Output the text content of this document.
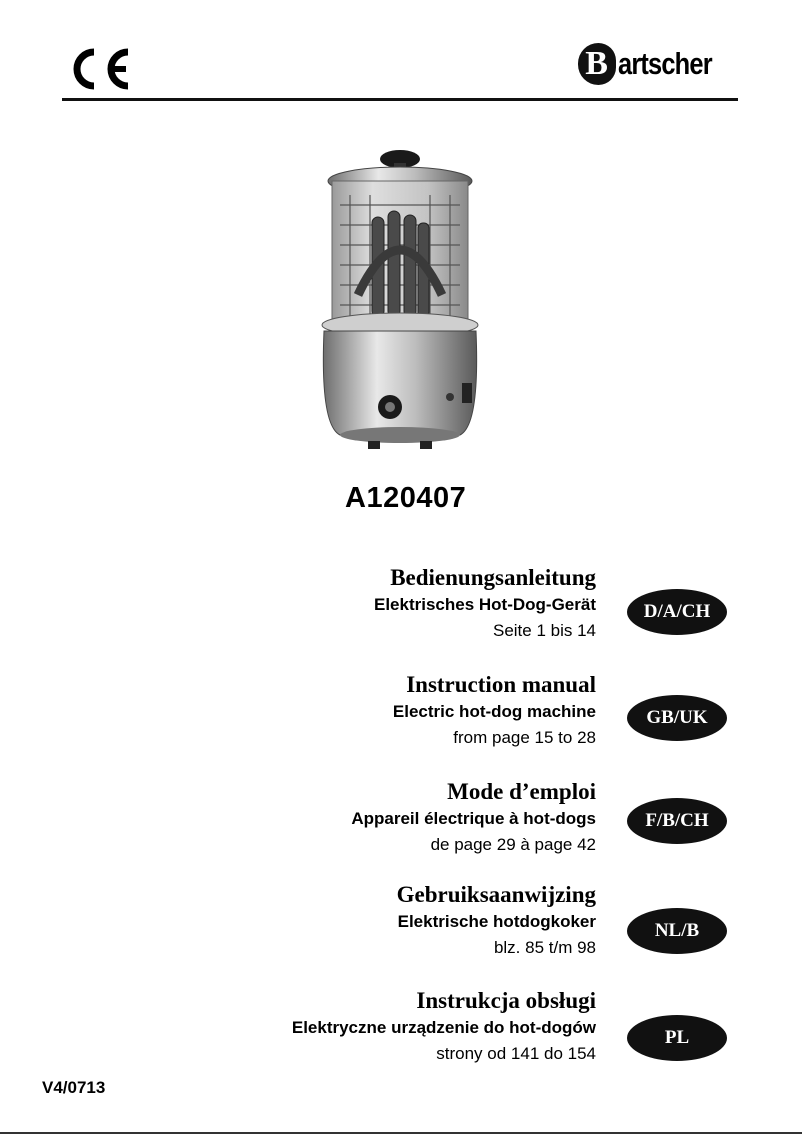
B artscher
A120407
Bedienungsanleitung
Elektrisches Hot-Dog-Gerät
Seite 1 bis 14
D/A/CH
Instruction manual
Electric hot-dog machine
from page 15 to 28
GB/UK
Mode d’emploi
Appareil électrique à hot-dogs
de page 29 à page 42
F/B/CH
Gebruiksaanwijzing
Elektrische hotdogkoker
blz. 85 t/m 98
NL/B
Instrukcja obsługi
Elektryczne urządzenie do hot-dogów
strony od 141 do 154
PL
V4/0713
